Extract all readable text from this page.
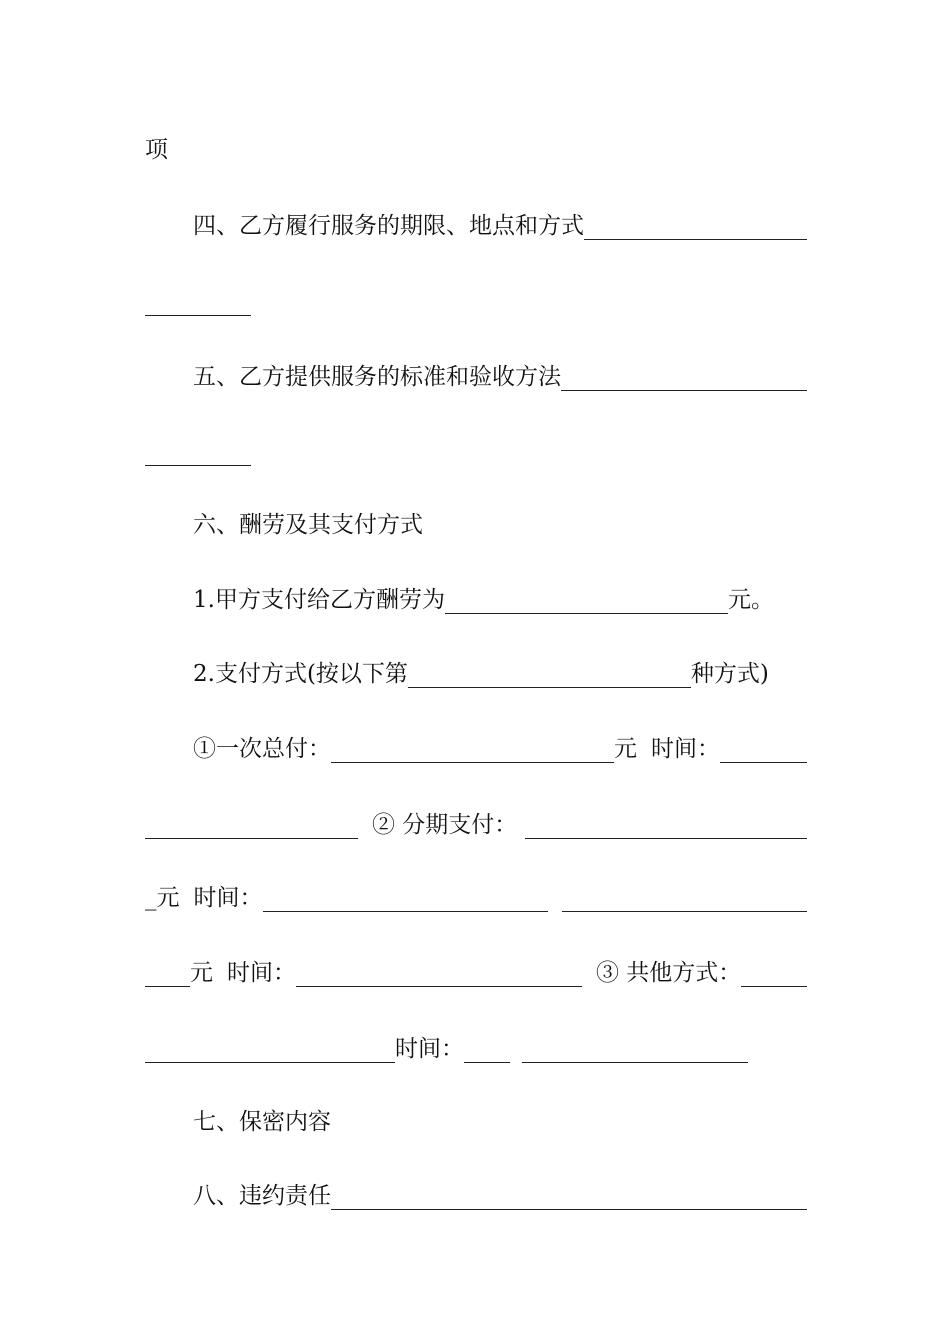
项
四、乙方履行服务的期限、地点和方式
五、乙方提供服务的标准和验收方法
六、酬劳及其支付方式
1.甲方支付给乙方酬劳为	元。
2.支付方式(按以下第	种方式)
①一次总付：	元 时间：
② 分期支付：
_元 时间：
元 时间：	③ 共他方式：
时间：
七、保密内容
八、违约责任
